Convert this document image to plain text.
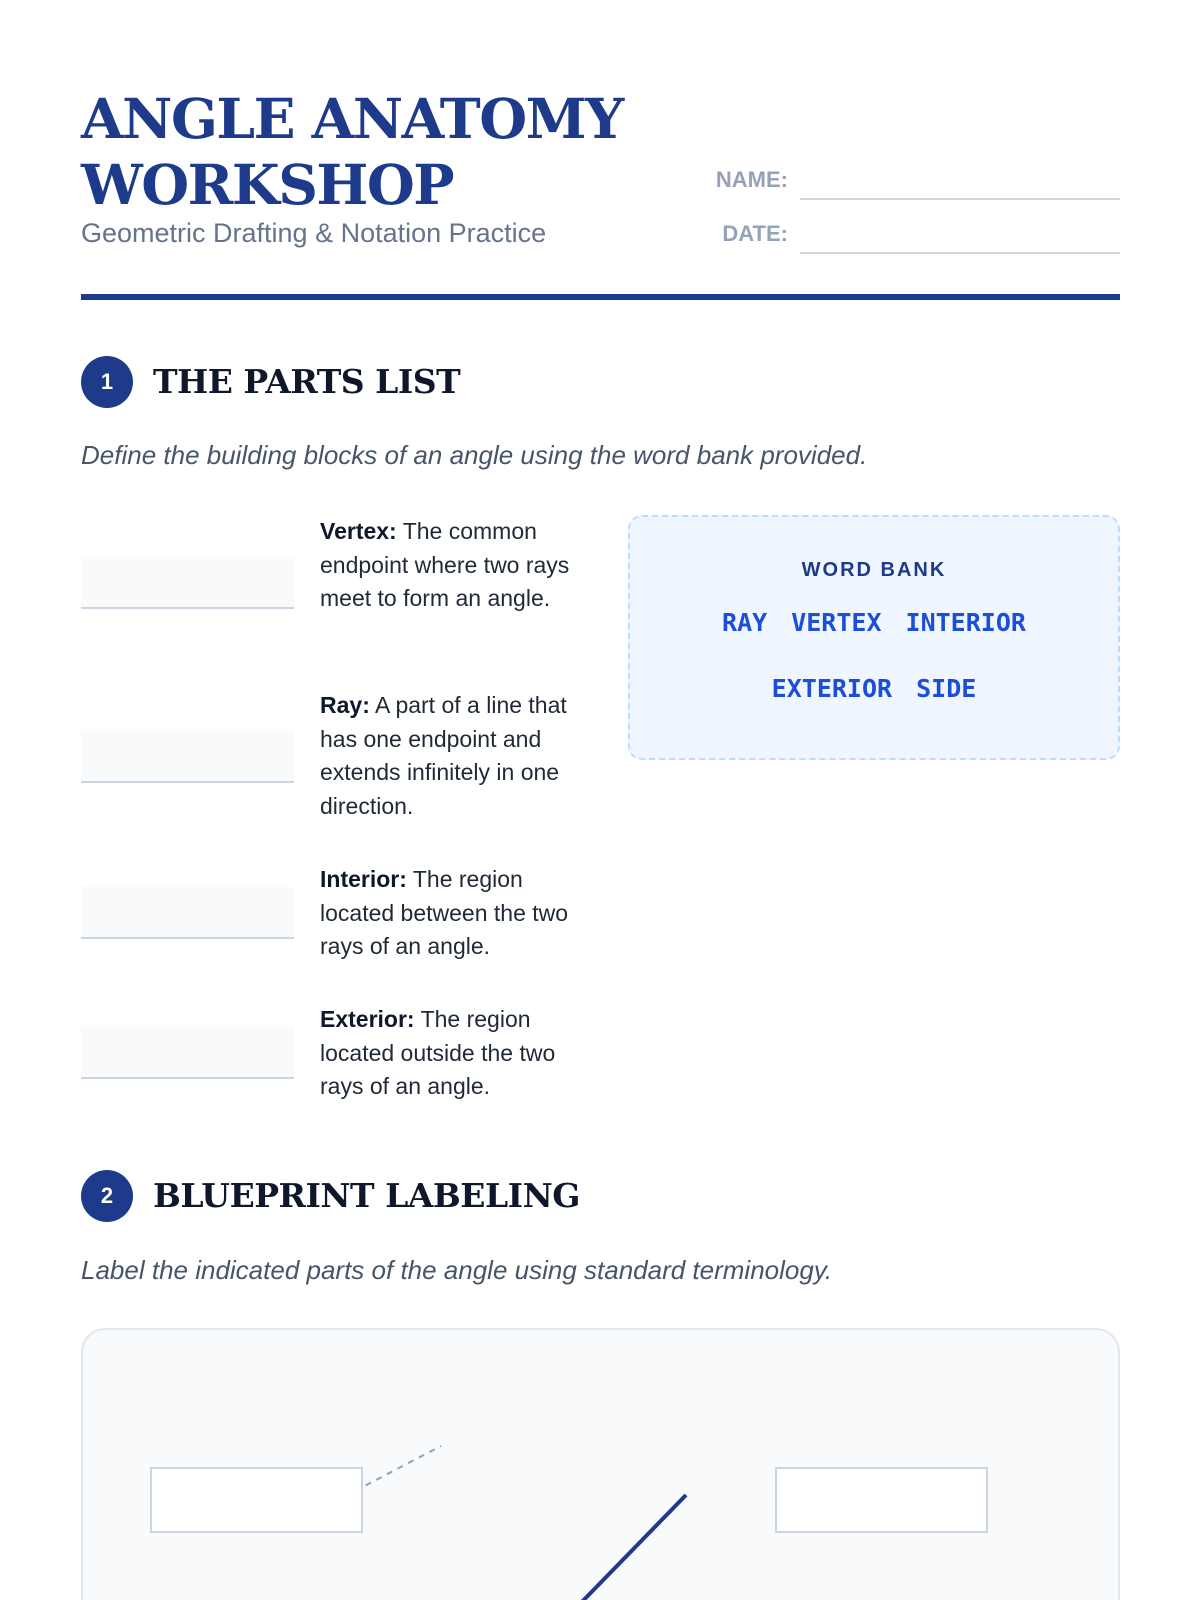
ANGLE ANATOMY WORKSHOP
Geometric Drafting & Notation Practice
NAME:
DATE:
1	THE PARTS LIST
Define the building blocks of an angle using the word bank provided.
Vertex: The common endpoint where two rays meet to form an angle.
Ray: A part of a line that has one endpoint and extends infinitely in one direction.
Interior: The region located between the two rays of an angle.
Exterior: The region located outside the two rays of an angle.
WORD BANK
RAY VERTEX INTERIOR
EXTERIOR SIDE
2	BLUEPRINT LABELING
Label the indicated parts of the angle using standard terminology.
